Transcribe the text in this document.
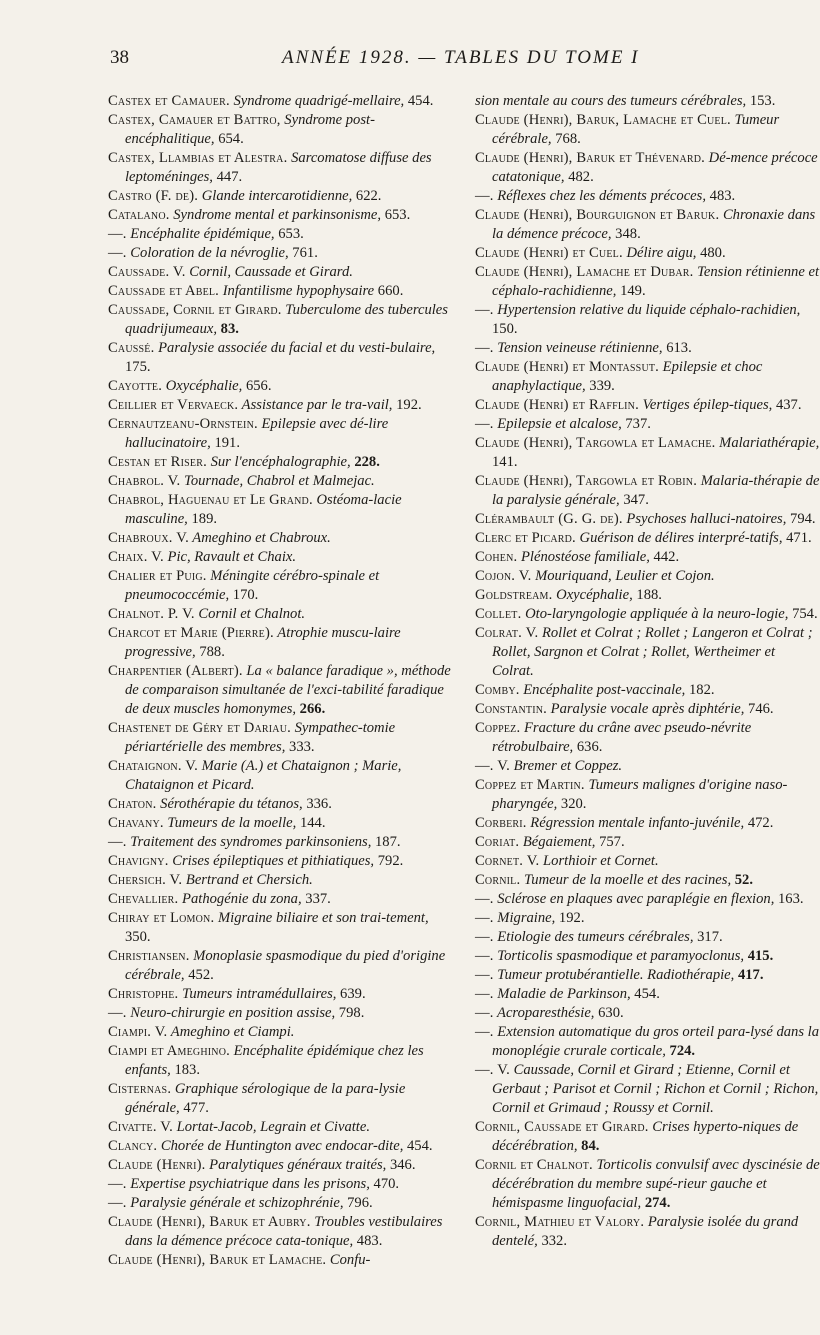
38	ANNÉE 1928. — TABLES DU TOME I
Castex et Camauer. Syndrome quadrigé-mellaire, 454.
Castex, Camauer et Battro, Syndrome post-encéphalitique, 654.
Castex, Llambias et Alestra. Sarcomatose diffuse des leptoméninges, 447.
Castro (F. de). Glande intercarotidienne, 622.
Catalano. Syndrome mental et parkinsonisme, 653.
—. Encéphalite épidémique, 653.
—. Coloration de la névroglie, 761.
Caussade. V. Cornil, Caussade et Girard.
Caussade et Abel. Infantilisme hypophysaire 660.
Caussade, Cornil et Girard. Tuberculome des tubercules quadrijumeaux, 83.
Caussé. Paralysie associée du facial et du vesti-bulaire, 175.
Cayotte. Oxycéphalie, 656.
Ceillier et Vervaeck. Assistance par le tra-vail, 192.
Cernautzeanu-Ornstein. Epilepsie avec dé-lire hallucinatoire, 191.
Cestan et Riser. Sur l'encéphalographie, 228.
Chabrol. V. Tournade, Chabrol et Malmejac.
Chabrol, Haguenau et Le Grand. Ostéoma-lacie masculine, 189.
Chabroux. V. Ameghino et Chabroux.
Chaix. V. Pic, Ravault et Chaix.
Chalier et Puig. Méningite cérébro-spinale et pneumococcémie, 170.
Chalnot. P. V. Cornil et Chalnot.
Charcot et Marie (Pierre). Atrophie muscu-laire progressive, 788.
Charpentier (Albert). La « balance faradique », méthode de comparaison simultanée de l'exci-tabilité faradique de deux muscles homonymes, 266.
Chastenet de Géry et Dariau. Sympathec-tomie périartérielle des membres, 333.
Chataignon. V. Marie (A.) et Chataignon ; Marie, Chataignon et Picard.
Chaton. Sérothérapie du tétanos, 336.
Chavany. Tumeurs de la moelle, 144.
—. Traitement des syndromes parkinsoniens, 187.
Chavigny. Crises épileptiques et pithiatiques, 792.
Chersich. V. Bertrand et Chersich.
Chevallier. Pathogénie du zona, 337.
Chiray et Lomon. Migraine biliaire et son trai-tement, 350.
Christiansen. Monoplasie spasmodique du pied d'origine cérébrale, 452.
Christophe. Tumeurs intramédullaires, 639.
—. Neuro-chirurgie en position assise, 798.
Ciampi. V. Ameghino et Ciampi.
Ciampi et Ameghino. Encéphalite épidémique chez les enfants, 183.
Cisternas. Graphique sérologique de la para-lysie générale, 477.
Civatte. V. Lortat-Jacob, Legrain et Civatte.
Clancy. Chorée de Huntington avec endocar-dite, 454.
Claude (Henri). Paralytiques généraux traités, 346.
—. Expertise psychiatrique dans les prisons, 470.
—. Paralysie générale et schizophrénie, 796.
Claude (Henri), Baruk et Aubry. Troubles vestibulaires dans la démence précoce cata-tonique, 483.
Claude (Henri), Baruk et Lamache. Confu-
sion mentale au cours des tumeurs cérébrales, 153.
Claude (Henri), Baruk, Lamache et Cuel. Tumeur cérébrale, 768.
Claude (Henri), Baruk et Thévenard. Dé-mence précoce catatonique, 482.
—. Réflexes chez les déments précoces, 483.
Claude (Henri), Bourguignon et Baruk. Chronaxie dans la démence précoce, 348.
Claude (Henri) et Cuel. Délire aigu, 480.
Claude (Henri), Lamache et Dubar. Tension rétinienne et céphalo-rachidienne, 149.
—. Hypertension relative du liquide céphalo-rachidien, 150.
—. Tension veineuse rétinienne, 613.
Claude (Henri) et Montassut. Epilepsie et choc anaphylactique, 339.
Claude (Henri) et Rafflin. Vertiges épilep-tiques, 437.
—. Epilepsie et alcalose, 737.
Claude (Henri), Targowla et Lamache. Malariathérapie, 141.
Claude (Henri), Targowla et Robin. Malaria-thérapie de la paralysie générale, 347.
Clérambault (G. G. de). Psychoses halluci-natoires, 794.
Clerc et Picard. Guérison de délires interpré-tatifs, 471.
Cohen. Plénostéose familiale, 442.
Cojon. V. Mouriquand, Leulier et Cojon.
Goldstream. Oxycéphalie, 188.
Collet. Oto-laryngologie appliquée à la neuro-logie, 754.
Colrat. V. Rollet et Colrat ; Rollet ; Langeron et Colrat ; Rollet, Sargnon et Colrat ; Rollet, Wertheimer et Colrat.
Comby. Encéphalite post-vaccinale, 182.
Constantin. Paralysie vocale après diphtérie, 746.
Coppez. Fracture du crâne avec pseudo-névrite rétrobulbaire, 636.
—. V. Bremer et Coppez.
Coppez et Martin. Tumeurs malignes d'origine naso-pharyngée, 320.
Corberi. Régression mentale infanto-juvénile, 472.
Coriat. Bégaiement, 757.
Cornet. V. Lorthioir et Cornet.
Cornil. Tumeur de la moelle et des racines, 52.
—. Sclérose en plaques avec paraplégie en flexion, 163.
—. Migraine, 192.
—. Etiologie des tumeurs cérébrales, 317.
—. Torticolis spasmodique et paramyoclonus, 415.
—. Tumeur protubérantielle. Radiothérapie, 417.
—. Maladie de Parkinson, 454.
—. Acroparesthésie, 630.
—. Extension automatique du gros orteil para-lysé dans la monoplégie crurale corticale, 724.
—. V. Caussade, Cornil et Girard ; Etienne, Cornil et Gerbaut ; Parisot et Cornil ; Richon et Cornil ; Richon, Cornil et Grimaud ; Roussy et Cornil.
Cornil, Caussade et Girard. Crises hyperto-niques de décérébration, 84.
Cornil et Chalnot. Torticolis convulsif avec dyscinésie de décérébration du membre supé-rieur gauche et hémispasme linguofacial, 274.
Cornil, Mathieu et Valory. Paralysie isolée du grand dentelé, 332.
